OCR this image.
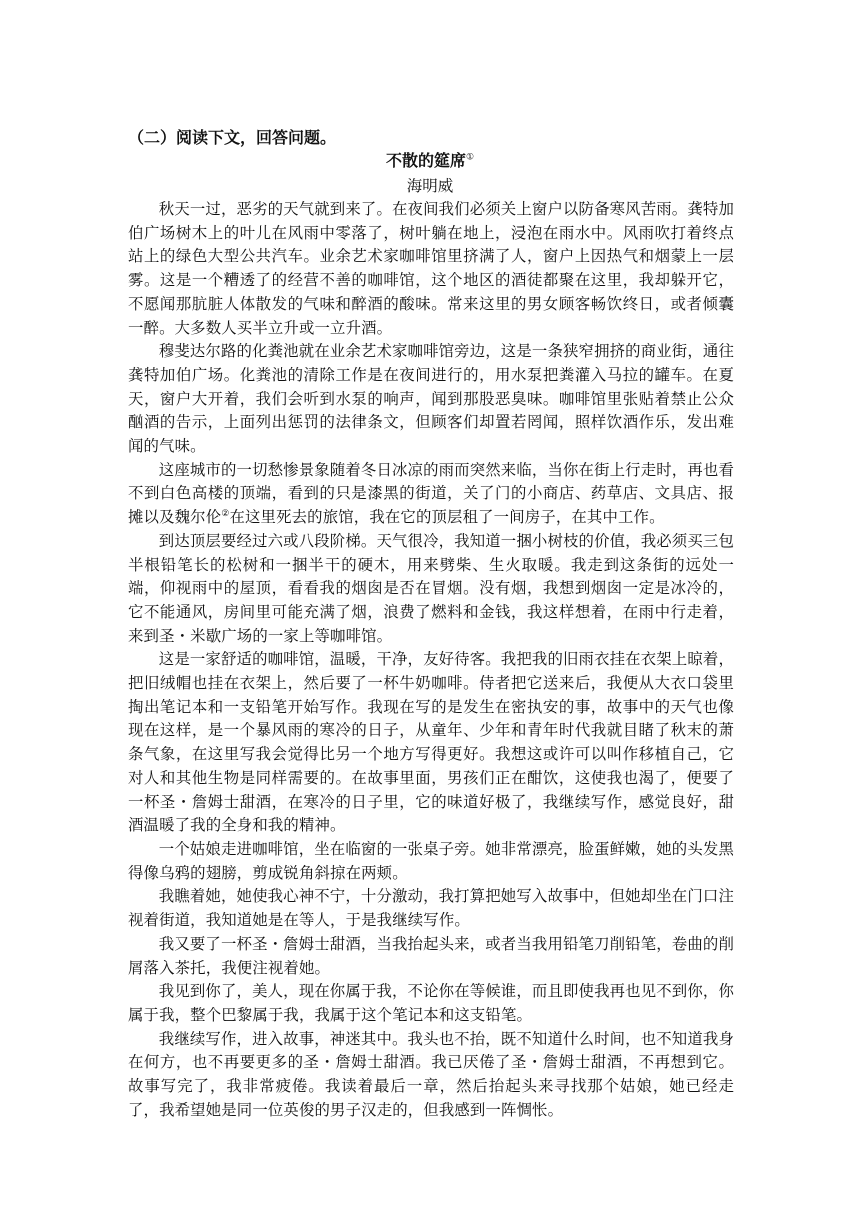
（二）阅读下文，回答问题。
不散的筵席①
海明威

秋天一过，恶劣的天气就到来了。在夜间我们必须关上窗户以防备寒风苦雨。龚特加伯广场树木上的叶儿在风雨中零落了，树叶躺在地上，浸泡在雨水中。风雨吹打着终点站上的绿色大型公共汽车。业余艺术家咖啡馆里挤满了人，窗户上因热气和烟蒙上一层雾。这是一个糟透了的经营不善的咖啡馆，这个地区的酒徒都聚在这里，我却躲开它，不愿闻那肮脏人体散发的气味和醉酒的酸味。常来这里的男女顾客畅饮终日，或者倾囊一醉。大多数人买半立升或一立升酒。

穆斐达尔路的化粪池就在业余艺术家咖啡馆旁边，这是一条狭窄拥挤的商业街，通往龚特加伯广场。化粪池的清除工作是在夜间进行的，用水泵把粪灌入马拉的罐车。在夏天，窗户大开着，我们会听到水泵的响声，闻到那股恶臭味。咖啡馆里张贴着禁止公众酗酒的告示，上面列出惩罚的法律条文，但顾客们却置若罔闻，照样饮酒作乐，发出难闻的气味。

这座城市的一切愁惨景象随着冬日冰凉的雨而突然来临，当你在街上行走时，再也看不到白色高楼的顶端，看到的只是漆黑的街道，关了门的小商店、药草店、文具店、报摊以及魏尔伦②在这里死去的旅馆，我在它的顶层租了一间房子，在其中工作。

到达顶层要经过六或八段阶梯。天气很冷，我知道一捆小树枝的价值，我必须买三包半根铅笔长的松树和一捆半干的硬木，用来劈柴、生火取暖。我走到这条街的远处一端，仰视雨中的屋顶，看看我的烟囱是否在冒烟。没有烟，我想到烟囱一定是冰冷的，它不能通风，房间里可能充满了烟，浪费了燃料和金钱，我这样想着，在雨中行走着，来到圣・米歇广场的一家上等咖啡馆。

这是一家舒适的咖啡馆，温暖，干净，友好待客。我把我的旧雨衣挂在衣架上晾着，把旧绒帽也挂在衣架上，然后要了一杯牛奶咖啡。侍者把它送来后，我便从大衣口袋里掏出笔记本和一支铅笔开始写作。我现在写的是发生在密执安的事，故事中的天气也像现在这样，是一个暴风雨的寒冷的日子，从童年、少年和青年时代我就目睹了秋末的萧条气象，在这里写我会觉得比另一个地方写得更好。我想这或许可以叫作移植自己，它对人和其他生物是同样需要的。在故事里面，男孩们正在酣饮，这使我也渴了，便要了一杯圣・詹姆士甜酒，在寒冷的日子里，它的味道好极了，我继续写作，感觉良好，甜酒温暖了我的全身和我的精神。

一个姑娘走进咖啡馆，坐在临窗的一张桌子旁。她非常漂亮，脸蛋鲜嫩，她的头发黑得像乌鸦的翅膀，剪成锐角斜掠在两颊。

我瞧着她，她使我心神不宁，十分激动，我打算把她写入故事中，但她却坐在门口注视着街道，我知道她是在等人，于是我继续写作。

我又要了一杯圣・詹姆士甜酒，当我抬起头来，或者当我用铅笔刀削铅笔，卷曲的削屑落入茶托，我便注视着她。

我见到你了，美人，现在你属于我，不论你在等候谁，而且即使我再也见不到你，你属于我，整个巴黎属于我，我属于这个笔记本和这支铅笔。

我继续写作，进入故事，神迷其中。我头也不抬，既不知道什么时间，也不知道我身在何方，也不再要更多的圣・詹姆士甜酒。我已厌倦了圣・詹姆士甜酒，不再想到它。故事写完了，我非常疲倦。我读着最后一章，然后抬起头来寻找那个姑娘，她已经走了，我希望她是同一位英俊的男子汉走的，但我感到一阵惆怅。
